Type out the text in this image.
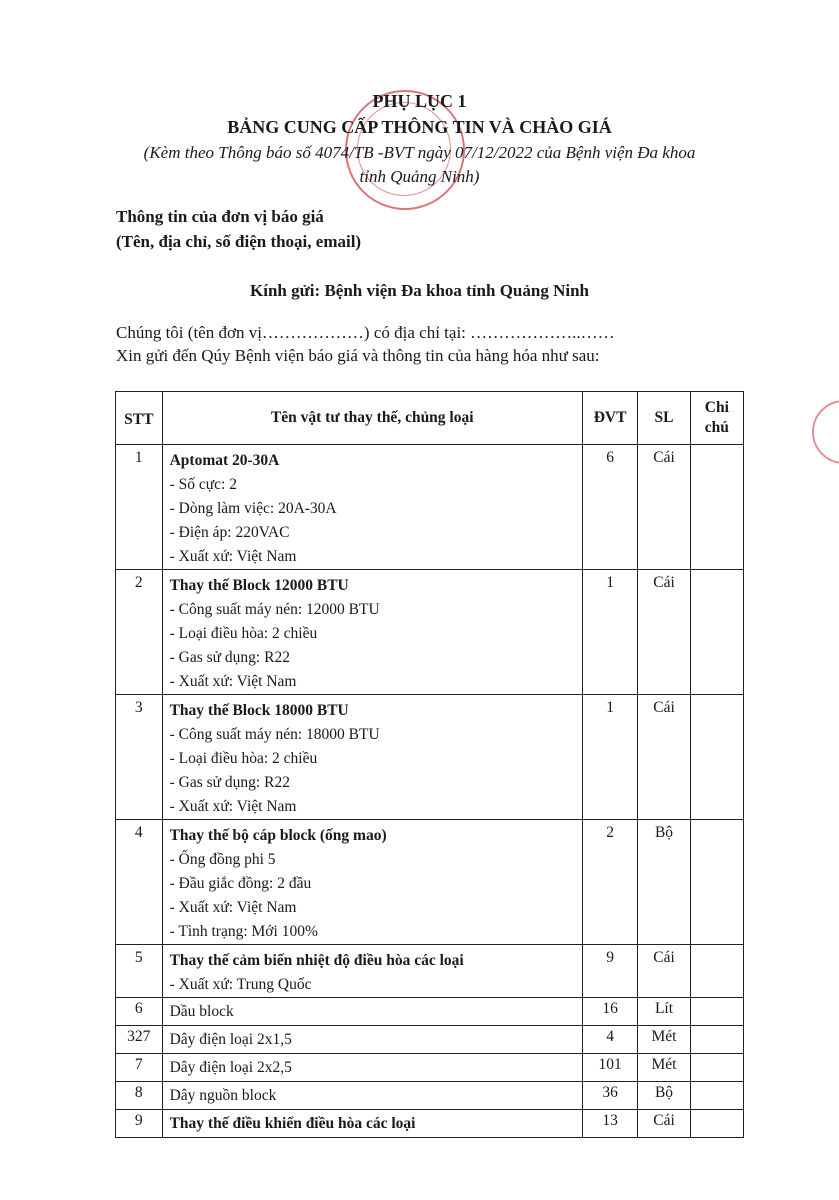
PHỤ LỤC 1
BẢNG CUNG CẤP THÔNG TIN VÀ CHÀO GIÁ
(Kèm theo Thông báo số 4074/TB -BVT ngày 07/12/2022 của Bệnh viện Đa khoa
tỉnh Quảng Ninh)
Thông tin của đơn vị báo giá
(Tên, địa chỉ, số điện thoại, email)
Kính gửi: Bệnh viện Đa khoa tỉnh Quảng Ninh
Chúng tôi (tên đơn vị………………) có địa chỉ tại: ………………..……
Xin gửi đến Qúy Bệnh viện báo giá và thông tin của hàng hóa như sau:
STT	Tên vật tư thay thế, chủng loại	ĐVT	SL	Chi
chú

1	Aptomat 20-30A
- Số cực: 2
- Dòng làm việc: 20A-30A
- Điện áp: 220VAC
- Xuất xứ: Việt Nam	6	Cái	
2	Thay thế Block 12000 BTU
- Công suất máy nén: 12000 BTU
- Loại điều hòa: 2 chiều
- Gas sử dụng: R22
- Xuất xứ: Việt Nam	1	Cái	
3	Thay thế Block 18000 BTU
- Công suất máy nén: 18000 BTU
- Loại điều hòa: 2 chiều
- Gas sử dụng: R22
- Xuất xứ: Việt Nam	1	Cái	
4	Thay thế bộ cáp block (ống mao)
- Ống đồng phi 5
- Đầu giắc đồng: 2 đầu
- Xuất xứ: Việt Nam
- Tình trạng: Mới 100%	2	Bộ	
5	Thay thế cảm biến nhiệt độ điều hòa các loại
- Xuất xứ: Trung Quốc	9	Cái	
6	Dầu block	16	Lít	
327	Dây điện loại 2x1,5	4	Mét	
7	Dây điện loại 2x2,5	101	Mét	
8	Dây nguồn block	36	Bộ	
9	Thay thế điều khiển điều hòa các loại	13	Cái	
